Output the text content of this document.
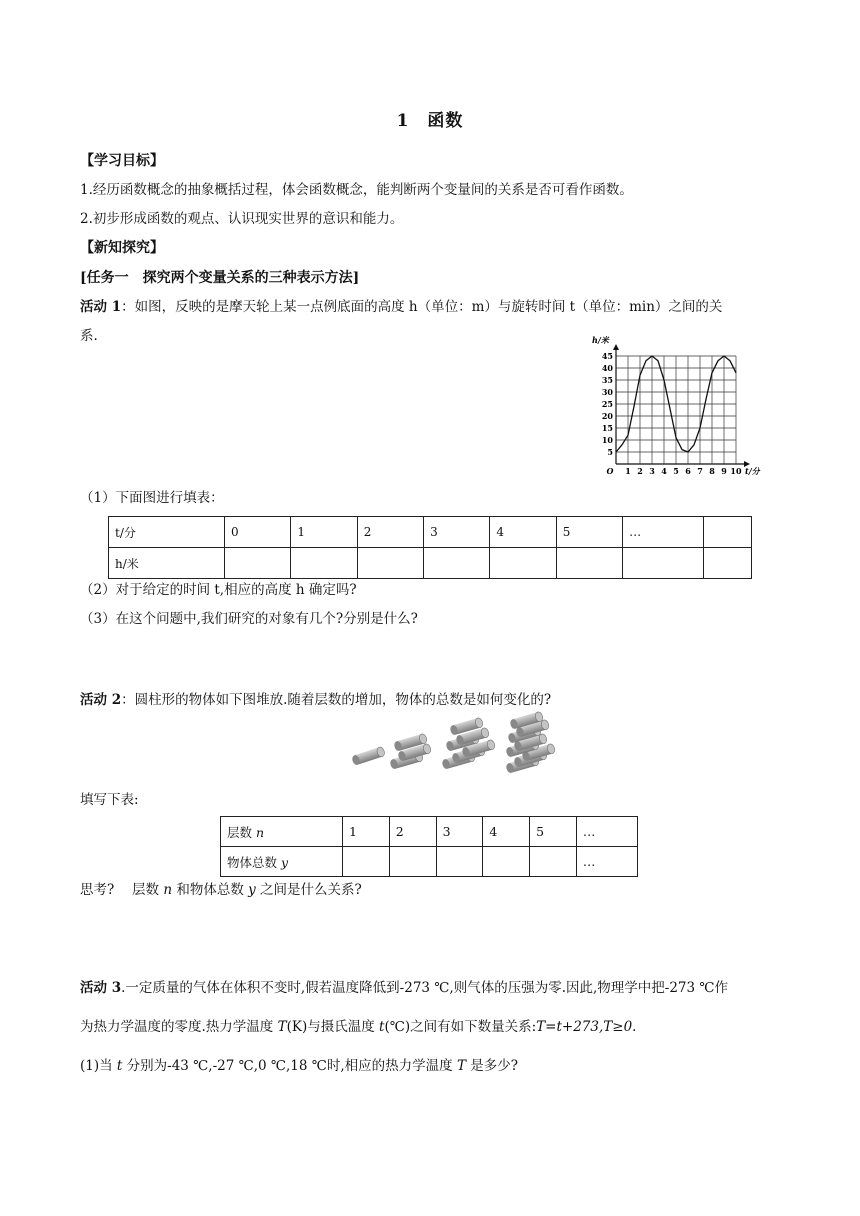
1　函数
【学习目标】
1.经历函数概念的抽象概括过程，体会函数概念，能判断两个变量间的关系是否可看作函数。
2.初步形成函数的观点、认识现实世界的意识和能力。
【新知探究】
[任务一　探究两个变量关系的三种表示方法]
活动 1：如图，反映的是摩天轮上某一点例底面的高度 h（单位：m）与旋转时间 t（单位：min）之间的关
系.
1 2 3 4 5 6 7 8 9 10
5
10
15
20
25
30
35
40
45
O	t/分
h/米
（1）下面图进行填表：
t/分	0	1	2	3	4	5	…	
h/米								
（2）对于给定的时间 t,相应的高度 h 确定吗?
（3）在这个问题中,我们研究的对象有几个?分别是什么?
活动 2：圆柱形的物体如下图堆放.随着层数的增加，物体的总数是如何变化的?
填写下表:
层数 n	1	2	3	4	5	…
物体总数 y						…
思考?　 层数 n 和物体总数 y 之间是什么关系?
活动 3.一定质量的气体在体积不变时,假若温度降低到-273 ℃,则气体的压强为零.因此,物理学中把-273 ℃作
为热力学温度的零度.热力学温度 T(K)与摄氏温度 t(℃)之间有如下数量关系:T=t+273,T≥0.
(1)当 t 分别为-43 ℃,-27 ℃,0 ℃,18 ℃时,相应的热力学温度 T 是多少?
